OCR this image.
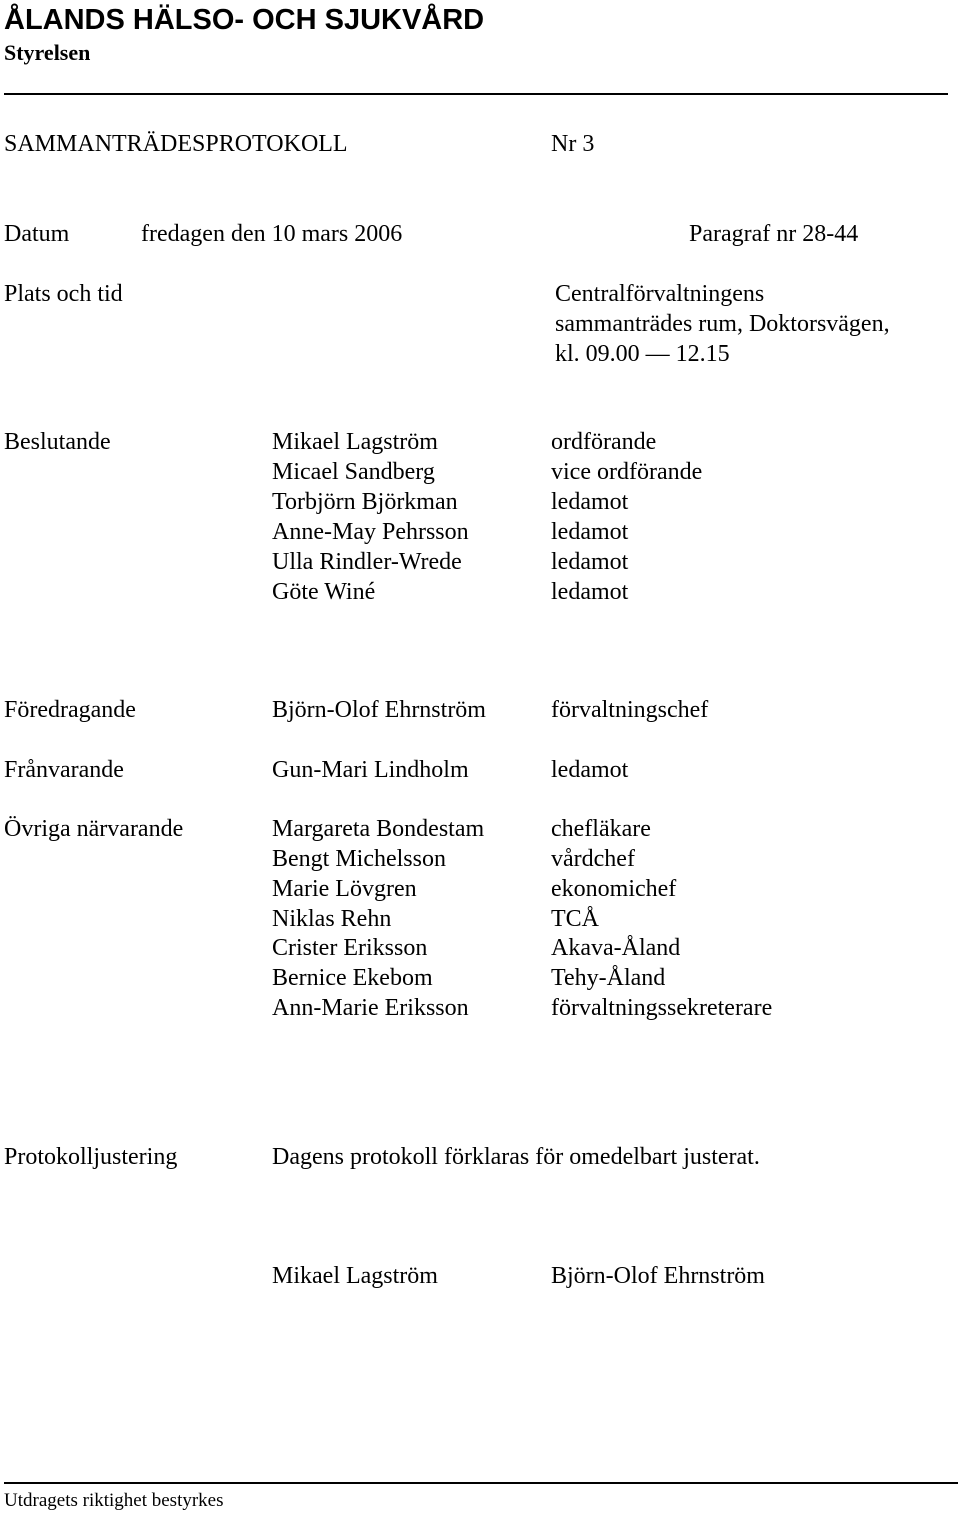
ÅLANDS HÄLSO- OCH SJUKVÅRD
Styrelsen
SAMMANTRÄDESPROTOKOLL	Nr 3
Datum	fredagen den 10 mars 2006	Paragraf nr 28-44
Plats och tid	Centralförvaltningens
sammanträdes rum, Doktorsvägen,
kl. 09.00 — 12.15
Beslutande	Mikael Lagström	ordförande
Micael Sandberg	vice ordförande
Torbjörn Björkman	ledamot
Anne-May Pehrsson	ledamot
Ulla Rindler-Wrede	ledamot
Göte Winé	ledamot
Föredragande	Björn-Olof Ehrnström	förvaltningschef
Frånvarande	Gun-Mari Lindholm	ledamot
Övriga närvarande	Margareta Bondestam	chefläkare
Bengt Michelsson	vårdchef
Marie Lövgren	ekonomichef
Niklas Rehn	TCÅ
Crister Eriksson	Akava-Åland
Bernice Ekebom	Tehy-Åland
Ann-Marie Eriksson	förvaltningssekreterare
Protokolljustering	Dagens protokoll förklaras för omedelbart justerat.
Mikael Lagström	Björn-Olof Ehrnström
Utdragets riktighet bestyrkes
